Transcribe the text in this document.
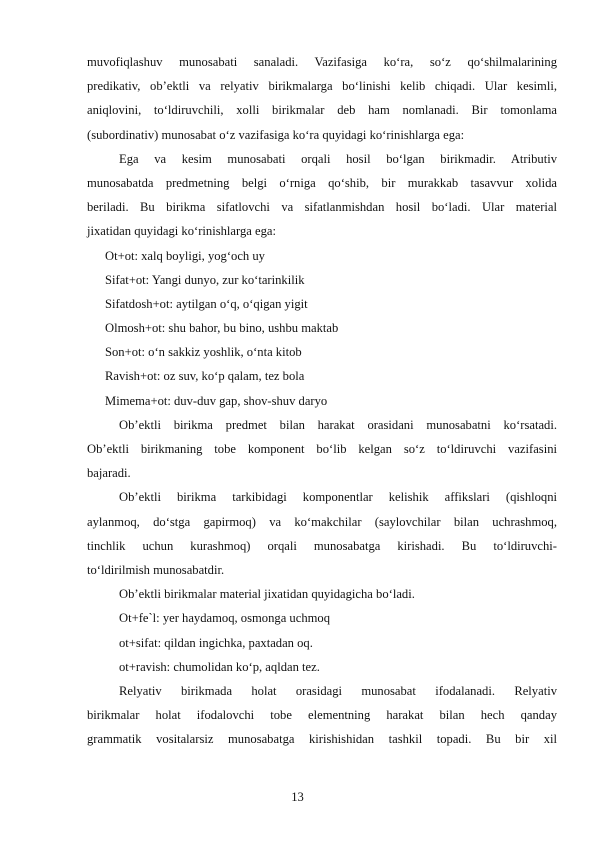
muvofiqlashuv munosabati sanaladi. Vazifasiga ko‘ra, so‘z qo‘shilmalarining
predikativ, ob’ektli va relyativ birikmalarga bo‘linishi kelib chiqadi. Ular kesimli,
aniqlovini, to‘ldiruvchili, xolli birikmalar deb ham nomlanadi. Bir tomonlama
(subordinativ) munosabat o‘z vazifasiga ko‘ra quyidagi ko‘rinishlarga ega:
Ega va kesim munosabati orqali hosil bo‘lgan birikmadir. Atributiv
munosabatda predmetning belgi o‘rniga qo‘shib, bir murakkab tasavvur xolida
beriladi. Bu birikma sifatlovchi va sifatlanmishdan hosil bo‘ladi. Ular material
jixatidan quyidagi ko‘rinishlarga ega:
Ot+ot: xalq boyligi, yog‘och uy
Sifat+ot: Yangi dunyo, zur ko‘tarinkilik
Sifatdosh+ot: aytilgan o‘q, o‘qigan yigit
Olmosh+ot: shu bahor, bu bino, ushbu maktab
Son+ot: o‘n sakkiz yoshlik, o‘nta kitob
Ravish+ot: oz suv, ko‘p qalam, tez bola
Mimema+ot: duv-duv gap, shov-shuv daryo
Ob’ektli birikma predmet bilan harakat orasidani munosabatni ko‘rsatadi.
Ob’ektli birikmaning tobe komponent bo‘lib kelgan so‘z to‘ldiruvchi vazifasini
bajaradi.
Ob’ektli birikma tarkibidagi komponentlar kelishik affikslari (qishloqni
aylanmoq, do‘stga gapirmoq) va ko‘makchilar (saylovchilar bilan uchrashmoq,
tinchlik uchun kurashmoq) orqali munosabatga kirishadi. Bu to‘ldiruvchi-
to‘ldirilmish munosabatdir.
Ob’ektli birikmalar material jixatidan quyidagicha bo‘ladi.
Ot+fe`l: yer haydamoq, osmonga uchmoq
ot+sifat: qildan ingichka, paxtadan oq.
ot+ravish: chumolidan ko‘p, aqldan tez.
Relyativ birikmada holat orasidagi munosabat ifodalanadi. Relyativ
birikmalar holat ifodalovchi tobe elementning harakat bilan hech qanday
grammatik vositalarsiz munosabatga kirishishidan tashkil topadi. Bu bir xil
13
